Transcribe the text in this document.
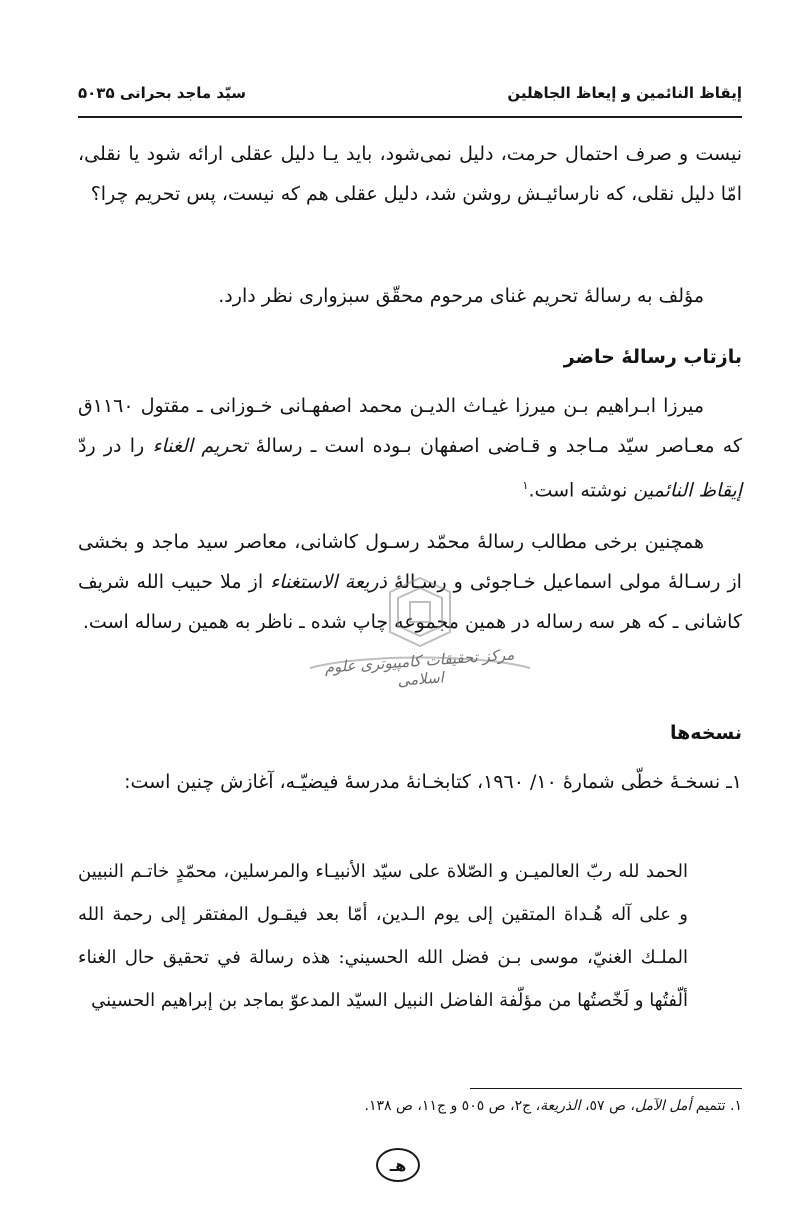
إيقاظ النائمين و إيعاظ الجاهلين
سيّد ماجد بحرانى ۵۰۳۵
نيست و صرف احتمال حرمت، دليل نمى‌شود، بايد يـا دليل عقلى ارائه شود يا نقلى، امّا دليل نقلى، كه نارسائيـش روشن شد، دليل عقلى هم كه نيست، پس تحريم چرا؟
مؤلف به رسالهٔ تحريم غناى مرحوم محقّق سبزوارى نظر دارد.
بازتاب رسالهٔ حاضر
ميرزا ابـراهيم بـن ميرزا غيـاث الديـن محمد اصفهـانى خـوزانى ـ مقتول ١١٦٠ق كه معـاصر سيّد مـاجد و قـاضى اصفهان بـوده است ـ رسالهٔ تحريم الغناء را در ردّ إيقاظ النائمين نوشته است.$^١$
همچنين برخى مطالب رسالهٔ محمّد رسـول كاشانى، معاصر سيد ماجد و بخشى از رسـالهٔ مولى اسماعيل خـاجوئى و رسـالهٔ ذريعة الاستغناء از ملا حبيب الله شريف كاشانى ـ كه هر سه رساله در همين مجموعه چاپ شده ـ ناظر به همين رساله است.
نسخه‌ها
١ـ نسخـهٔ خطّى شمارهٔ ١٠/ ١٩٦٠، كتابخـانهٔ مدرسهٔ فيضيّـه، آغازش چنين است:
الحمد لله ربّ العالميـن و الصّلاة على سيّد الأنبيـاء والمرسلين، محمّدٍ خاتـم النبيين و على آله هُـداة المتقين إلى يوم الـدين، أمّا بعد فيقـول المفتقر إلى رحمة الله الملـك الغنيّ، موسى بـن فضل الله الحسيني: هذه رسالة في تحقيق حال الغناء ألّفتُها و لَخّصتُها من مؤلّفة الفاضل النبيل السيّد المدعوّ بماجد بن إبراهيم الحسيني
١. تتميم أمل الآمل، ص ٥٧، الذريعة، ج٢، ص ٥٠٥ و ج١١، ص ١٣٨.
هـ
مرکز تحقیقات کامپیوتری علوم اسلامی
